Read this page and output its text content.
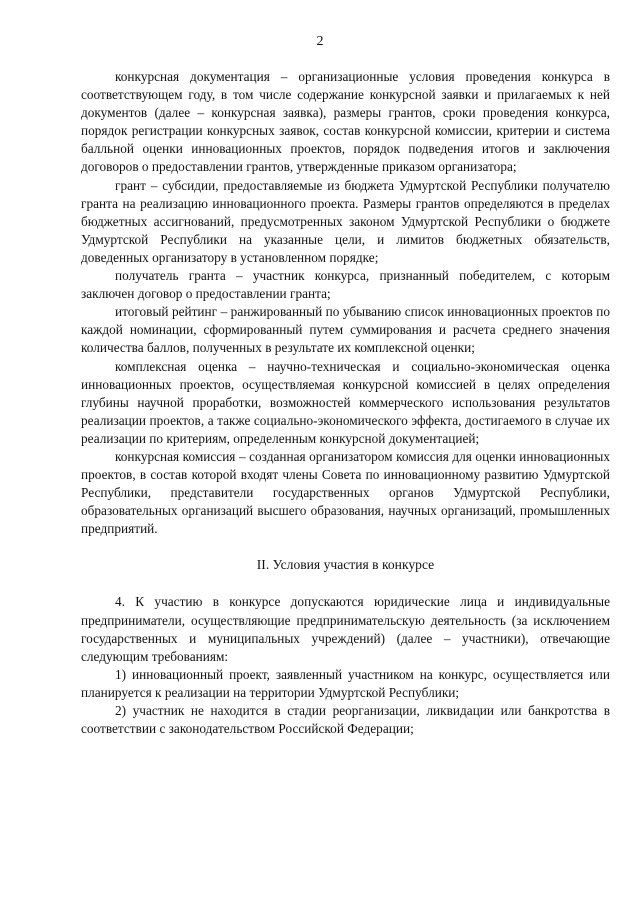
2

конкурсная документация – организационные условия проведения конкурса в соответствующем году, в том числе содержание конкурсной заявки и прилагаемых к ней документов (далее – конкурсная заявка), размеры грантов, сроки проведения конкурса, порядок регистрации конкурсных заявок, состав конкурсной комиссии, критерии и система балльной оценки инновационных проектов, порядок подведения итогов и заключения договоров о предоставлении грантов, утвержденные приказом организатора;

грант – субсидии, предоставляемые из бюджета Удмуртской Республики получателю гранта на реализацию инновационного проекта. Размеры грантов определяются в пределах бюджетных ассигнований, предусмотренных законом Удмуртской Республики о бюджете Удмуртской Республики на указанные цели, и лимитов бюджетных обязательств, доведенных организатору в установленном порядке;

получатель гранта – участник конкурса, признанный победителем, с которым заключен договор о предоставлении гранта;

итоговый рейтинг – ранжированный по убыванию список инновационных проектов по каждой номинации, сформированный путем суммирования и расчета среднего значения количества баллов, полученных в результате их комплексной оценки;

комплексная оценка – научно-техническая и социально-экономическая оценка инновационных проектов, осуществляемая конкурсной комиссией в целях определения глубины научной проработки, возможностей коммерческого использования результатов реализации проектов, а также социально-экономического эффекта, достигаемого в случае их реализации по критериям, определенным конкурсной документацией;

конкурсная комиссия – созданная организатором комиссия для оценки инновационных проектов, в состав которой входят члены Совета по инновационному развитию Удмуртской Республики, представители государственных органов Удмуртской Республики, образовательных организаций высшего образования, научных организаций, промышленных предприятий.

II. Условия участия в конкурсе

4. К участию в конкурсе допускаются юридические лица и индивидуальные предприниматели, осуществляющие предпринимательскую деятельность (за исключением государственных и муниципальных учреждений) (далее – участники), отвечающие следующим требованиям:

1) инновационный проект, заявленный участником на конкурс, осуществляется или планируется к реализации на территории Удмуртской Республики;

2) участник не находится в стадии реорганизации, ликвидации или банкротства в соответствии с законодательством Российской Федерации;
